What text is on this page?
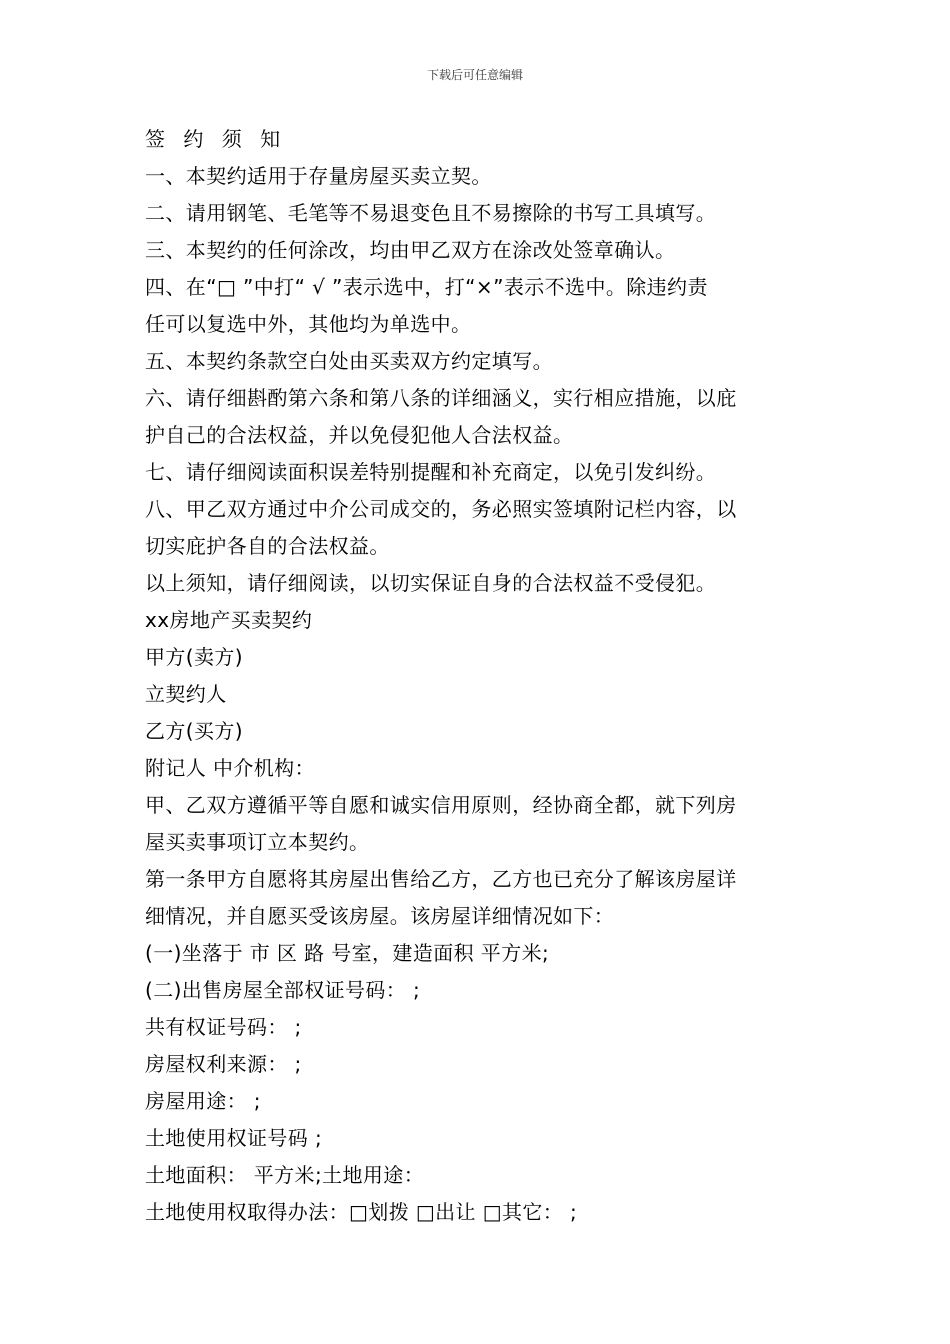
下载后可任意编辑
签 约 须 知
一、本契约适用于存量房屋买卖立契。
二、请用钢笔、毛笔等不易退变色且不易擦除的书写工具填写。
三、本契约的任何涂改，均由甲乙双方在涂改处签章确认。
四、在“□ ”中打“ √ ”表示选中，打“×”表示不选中。除违约责
任可以复选中外，其他均为单选中。
五、本契约条款空白处由买卖双方约定填写。
六、请仔细斟酌第六条和第八条的详细涵义，实行相应措施，以庇
护自己的合法权益，并以免侵犯他人合法权益。
七、请仔细阅读面积误差特别提醒和补充商定，以免引发纠纷。
八、甲乙双方通过中介公司成交的，务必照实签填附记栏内容，以
切实庇护各自的合法权益。
以上须知，请仔细阅读，以切实保证自身的合法权益不受侵犯。
xx房地产买卖契约
甲方(卖方)
立契约人
乙方(买方)
附记人 中介机构：
甲、乙双方遵循平等自愿和诚实信用原则，经协商全都，就下列房
屋买卖事项订立本契约。
第一条甲方自愿将其房屋出售给乙方，乙方也已充分了解该房屋详
细情况，并自愿买受该房屋。该房屋详细情况如下：
(一)坐落于 市 区 路 号室，建造面积 平方米;
(二)出售房屋全部权证号码： ;
共有权证号码： ;
房屋权利来源： ;
房屋用途： ;
土地使用权证号码 ;
土地面积： 平方米;土地用途：
土地使用权取得办法：□划拨 □出让 □其它： ;
